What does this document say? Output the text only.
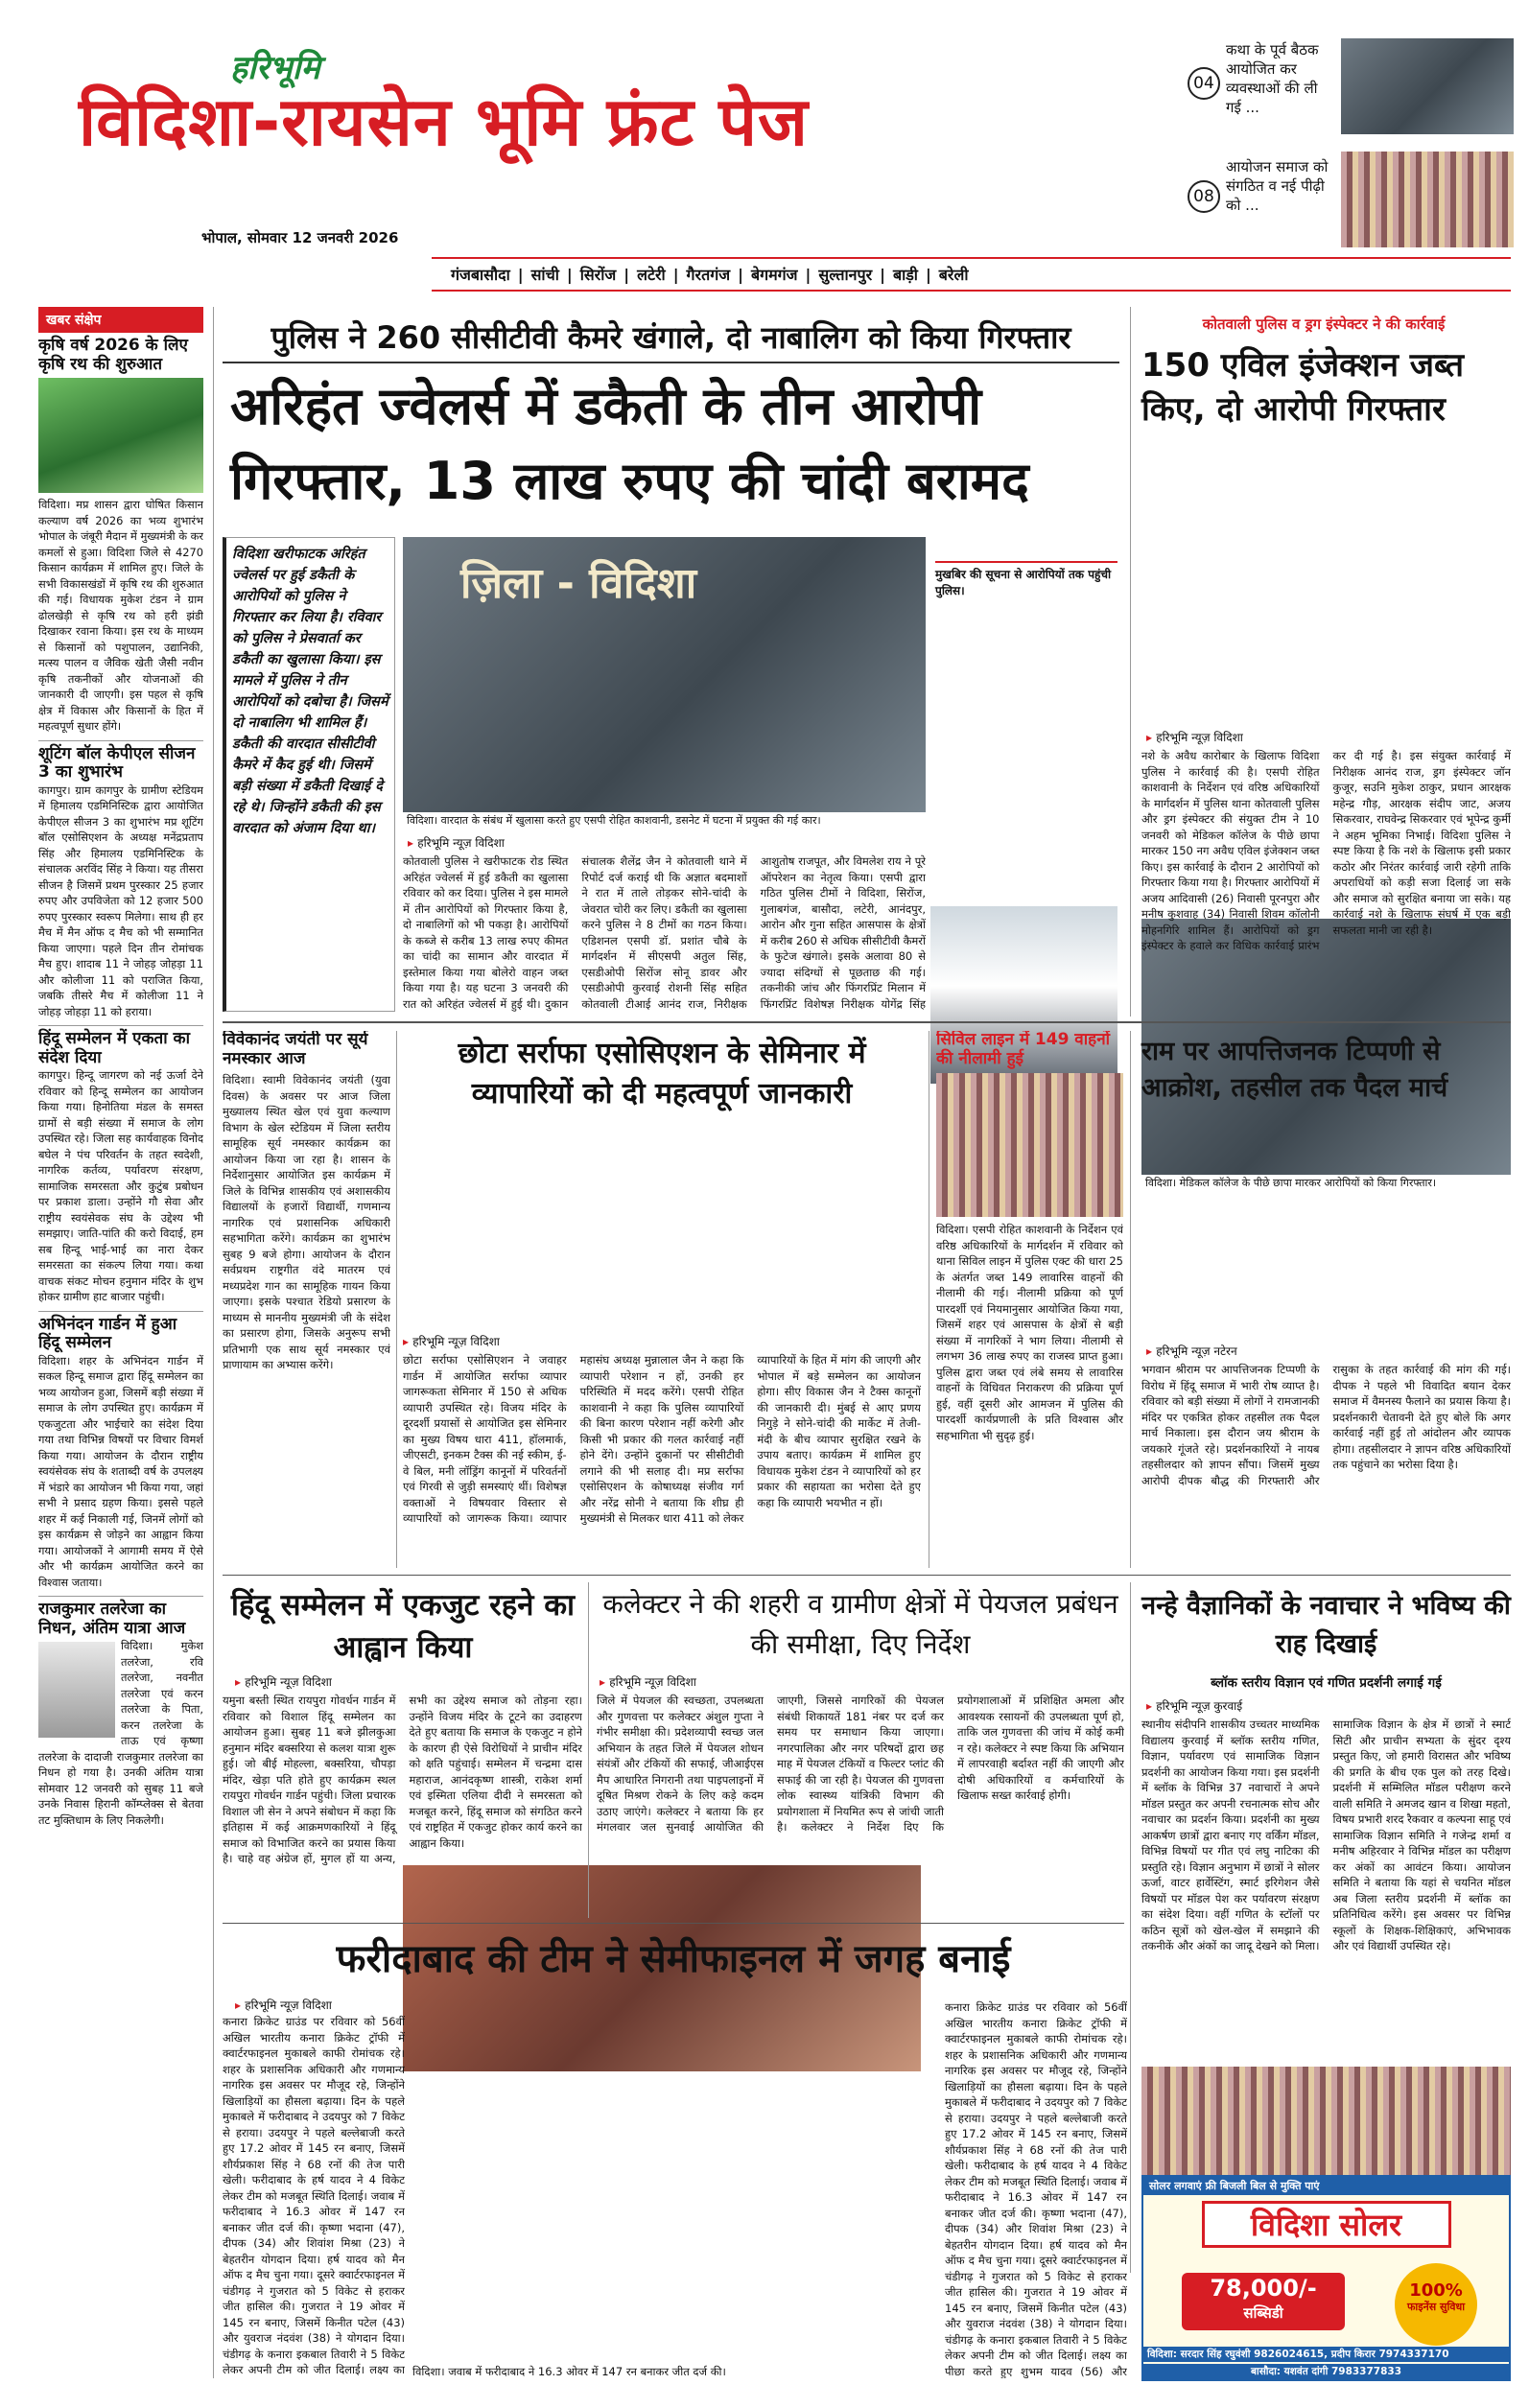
हरिभूमि
विदिशा-रायसेन भूमि फ्रंट पेज
भोपाल, सोमवार 12 जनवरी 2026
04
कथा के पूर्व बैठक आयोजित कर व्यवस्थाओं की ली गई ...
08
आयोजन समाज को संगठित व नई पीढ़ी को ...
गंजबासौदा | सांची | सिरोंज | लटेरी | गैरतगंज | बेगमगंज | सुल्तानपुर | बाड़ी | बरेली
खबर संक्षेप
कृषि वर्ष 2026 के लिए कृषि रथ की शुरुआत
विदिशा। मप्र शासन द्वारा घोषित किसान कल्याण वर्ष 2026 का भव्य शुभारंभ भोपाल के जंबूरी मैदान में मुख्यमंत्री के कर कमलों से हुआ। विदिशा जिले से 4270 किसान कार्यक्रम में शामिल हुए। जिले के सभी विकासखंडों में कृषि रथ की शुरुआत की गई। विधायक मुकेश टंडन ने ग्राम ढोलखेड़ी से कृषि रथ को हरी झंडी दिखाकर रवाना किया। इस रथ के माध्यम से किसानों को पशुपालन, उद्यानिकी, मत्स्य पालन व जैविक खेती जैसी नवीन कृषि तकनीकों और योजनाओं की जानकारी दी जाएगी। इस पहल से कृषि क्षेत्र में विकास और किसानों के हित में महत्वपूर्ण सुधार होंगे।
शूटिंग बॉल केपीएल सीजन 3 का शुभारंभ
कागपुर। ग्राम कागपुर के ग्रामीण स्टेडियम में हिमालय एडमिनिस्टिक द्वारा आयोजित केपीएल सीजन 3 का शुभारंभ मप्र शूटिंग बॉल एसोसिएशन के अध्यक्ष मनेंद्रप्रताप सिंह और हिमालय एडमिनिस्टिक के संचालक अरविंद सिंह ने किया। यह तीसरा सीजन है जिसमें प्रथम पुरस्कार 25 हजार रुपए और उपविजेता को 12 हजार 500 रुपए पुरस्कार स्वरूप मिलेगा। साथ ही हर मैच में मैन ऑफ द मैच को भी सम्मानित किया जाएगा। पहले दिन तीन रोमांचक मैच हुए। शादाब 11 ने जोहड़ जोहड़ा 11 और कोलीजा 11 को पराजित किया, जबकि तीसरे मैच में कोलीजा 11 ने जोहड़ जोहड़ा 11 को हराया।
हिंदू सम्मेलन में एकता का संदेश दिया
कागपुर। हिन्दू जागरण को नई ऊर्जा देने रविवार को हिन्दू सम्मेलन का आयोजन किया गया। हिनोतिया मंडल के समस्त ग्रामों से बड़ी संख्या में समाज के लोग उपस्थित रहे। जिला सह कार्यवाहक विनोद बघेल ने पंच परिवर्तन के तहत स्वदेशी, नागरिक कर्तव्य, पर्यावरण संरक्षण, सामाजिक समरसता और कुटुंब प्रबोधन पर प्रकाश डाला। उन्होंने गौ सेवा और राष्ट्रीय स्वयंसेवक संघ के उद्देश्य भी समझाए। जाति-पांति की करो विदाई, हम सब हिन्दू भाई-भाई का नारा देकर समरसता का संकल्प लिया गया। कथा वाचक संकट मोचन हनुमान मंदिर के शुभ होकर ग्रामीण हाट बाजार पहुंची।
अभिनंदन गार्डन में हुआ हिंदू सम्मेलन
विदिशा। शहर के अभिनंदन गार्डन में सकल हिन्दू समाज द्वारा हिंदू सम्मेलन का भव्य आयोजन हुआ, जिसमें बड़ी संख्या में समाज के लोग उपस्थित हुए। कार्यक्रम में एकजुटता और भाईचारे का संदेश दिया गया तथा विभिन्न विषयों पर विचार विमर्श किया गया। आयोजन के दौरान राष्ट्रीय स्वयंसेवक संघ के शताब्दी वर्ष के उपलक्ष्य में भंडारे का आयोजन भी किया गया, जहां सभी ने प्रसाद ग्रहण किया। इससे पहले शहर में कई निकाली गई, जिनमें लोगों को इस कार्यक्रम से जोड़ने का आह्वान किया गया। आयोजकों ने आगामी समय में ऐसे और भी कार्यक्रम आयोजित करने का विश्वास जताया।
राजकुमार तलरेजा का निधन, अंतिम यात्रा आज
विदिशा। मुकेश तलरेजा, रवि तलरेजा, नवनीत तलरेजा एवं करन तलरेजा के पिता, करन तलरेजा के ताऊ एवं कृष्णा तलरेजा के दादाजी राजकुमार तलरेजा का निधन हो गया है। उनकी अंतिम यात्रा सोमवार 12 जनवरी को सुबह 11 बजे उनके निवास हिरानी कॉम्प्लेक्स से बेतवा तट मुक्तिधाम के लिए निकलेगी।
पुलिस ने 260 सीसीटीवी कैमरे खंगाले, दो नाबालिग को किया गिरफ्तार
अरिहंत ज्वेलर्स में डकैती के तीन आरोपी गिरफ्तार, 13 लाख रुपए की चांदी बरामद
विदिशा खरीफाटक अरिहंत ज्वेलर्स पर हुई डकैती के आरोपियों को पुलिस ने गिरफ्तार कर लिया है। रविवार को पुलिस ने प्रेसवार्ता कर डकैती का खुलासा किया। इस मामले में पुलिस ने तीन आरोपियों को दबोचा है। जिसमें दो नाबालिग भी शामिल हैं। डकैती की वारदात सीसीटीवी कैमरे में कैद हुई थी। जिसमें बड़ी संख्या में डकैती दिखाई दे रहे थे। जिन्होंने डकैती की इस वारदात को अंजाम दिया था।
ज़िला - विदिशा
विदिशा। वारदात के संबंध में खुलासा करते हुए एसपी रोहित काशवानी, डसनेट में घटना में प्रयुक्त की गई कार।
मुखबिर की सूचना से आरोपियों तक पहुंची पुलिस।
▸ हरिभूमि न्यूज़ विदिशा
कोतवाली पुलिस ने खरीफाटक रोड स्थित अरिहंत ज्वेलर्स में हुई डकैती का खुलासा रविवार को कर दिया। पुलिस ने इस मामले में तीन आरोपियों को गिरफ्तार किया है, दो नाबालिगों को भी पकड़ा है। आरोपियों के कब्जे से करीब 13 लाख रुपए कीमत का चांदी का सामान और वारदात में इस्तेमाल किया गया बोलेरो वाहन जब्त किया गया है। यह घटना 3 जनवरी की रात को अरिहंत ज्वेलर्स में हुई थी। दुकान संचालक शैलेंद्र जैन ने कोतवाली थाने में रिपोर्ट दर्ज कराई थी कि अज्ञात बदमाशों ने रात में ताले तोड़कर सोने-चांदी के जेवरात चोरी कर लिए। डकैती का खुलासा करने पुलिस ने 8 टीमों का गठन किया। एडिशनल एसपी डॉ. प्रशांत चौबे के मार्गदर्शन में सीएसपी अतुल सिंह, एसडीओपी सिरोंज सोनू डावर और एसडीओपी कुरवाई रोशनी सिंह सहित कोतवाली टीआई आनंद राज, निरीक्षक आशुतोष राजपूत, और विमलेश राय ने पूरे ऑपरेशन का नेतृत्व किया। एसपी द्वारा गठित पुलिस टीमों ने विदिशा, सिरोंज, गुलाबगंज, बासौदा, लटेरी, आनंदपुर, आरोन और गुना सहित आसपास के क्षेत्रों में करीब 260 से अधिक सीसीटीवी कैमरों के फुटेज खंगाले। इसके अलावा 80 से ज्यादा संदिग्धों से पूछताछ की गई। तकनीकी जांच और फिंगरप्रिंट मिलान में फिंगरप्रिंट विशेषज्ञ निरीक्षक योगेंद्र सिंह
कोतवाली पुलिस व ड्रग इंस्पेक्टर ने की कार्रवाई
150 एविल इंजेक्शन जब्त किए, दो आरोपी गिरफ्तार
विदिशा। मेडिकल कॉलेज के पीछे छापा मारकर आरोपियों को किया गिरफ्तार।
▸ हरिभूमि न्यूज़ विदिशा
नशे के अवैध कारोबार के खिलाफ विदिशा पुलिस ने कार्रवाई की है। एसपी रोहित काशवानी के निर्देशन एवं वरिष्ठ अधिकारियों के मार्गदर्शन में पुलिस थाना कोतवाली पुलिस और ड्रग इंस्पेक्टर की संयुक्त टीम ने 10 जनवरी को मेडिकल कॉलेज के पीछे छापा मारकर 150 नग अवैध एविल इंजेक्शन जब्त किए। इस कार्रवाई के दौरान 2 आरोपियों को गिरफ्तार किया गया है। गिरफ्तार आरोपियों में अजय आदिवासी (26) निवासी पूरनपुरा और मनीष कुशवाह (34) निवासी शिवम कॉलोनी मोहनगिरि शामिल हैं। आरोपियों को ड्रग इंस्पेक्टर के हवाले कर विधिक कार्रवाई प्रारंभ कर दी गई है। इस संयुक्त कार्रवाई में निरीक्षक आनंद राज, ड्रग इंस्पेक्टर जॉन कुजूर, सउनि मुकेश ठाकुर, प्रधान आरक्षक महेन्द्र गौड़, आरक्षक संदीप जाट, अजय सिकरवार, राघवेन्द्र सिकरवार एवं भूपेन्द्र कुर्मी ने अहम भूमिका निभाई। विदिशा पुलिस ने स्पष्ट किया है कि नशे के खिलाफ इसी प्रकार कठोर और निरंतर कार्रवाई जारी रहेगी ताकि अपराधियों को कड़ी सजा दिलाई जा सके और समाज को सुरक्षित बनाया जा सके। यह कार्रवाई नशे के खिलाफ संघर्ष में एक बड़ी सफलता मानी जा रही है।
विवेकानंद जयंती पर सूर्य नमस्कार आज
विदिशा। स्वामी विवेकानंद जयंती (युवा दिवस) के अवसर पर आज जिला मुख्यालय स्थित खेल एवं युवा कल्याण विभाग के खेल स्टेडियम में जिला स्तरीय सामूहिक सूर्य नमस्कार कार्यक्रम का आयोजन किया जा रहा है। शासन के निर्देशानुसार आयोजित इस कार्यक्रम में जिले के विभिन्न शासकीय एवं अशासकीय विद्यालयों के हजारों विद्यार्थी, गणमान्य नागरिक एवं प्रशासनिक अधिकारी सहभागिता करेंगे। कार्यक्रम का शुभारंभ सुबह 9 बजे होगा। आयोजन के दौरान सर्वप्रथम राष्ट्रगीत वंदे मातरम एवं मध्यप्रदेश गान का सामूहिक गायन किया जाएगा। इसके पश्चात रेडियो प्रसारण के माध्यम से माननीय मुख्यमंत्री जी के संदेश का प्रसारण होगा, जिसके अनुरूप सभी प्रतिभागी एक साथ सूर्य नमस्कार एवं प्राणायाम का अभ्यास करेंगे।
छोटा सर्राफा एसोसिएशन के सेमिनार में व्यापारियों को दी महत्वपूर्ण जानकारी
▸ हरिभूमि न्यूज़ विदिशा
छोटा सर्राफा एसोसिएशन ने जवाहर गार्डन में आयोजित सर्राफा व्यापार जागरूकता सेमिनार में 150 से अधिक व्यापारी उपस्थित रहे। विजय मंदिर के दूरदर्शी प्रयासों से आयोजित इस सेमिनार का मुख्य विषय धारा 411, हॉलमार्क, जीएसटी, इनकम टैक्स की नई स्कीम, ई-वे बिल, मनी लॉड्रिंग कानूनों में परिवर्तनों एवं गिरवी से जुड़ी समस्याएं थीं। विशेषज्ञ वक्ताओं ने विषयवार विस्तार से व्यापारियों को जागरूक किया। व्यापार महासंघ अध्यक्ष मुन्नालाल जैन ने कहा कि व्यापारी परेशान न हों, उनकी हर परिस्थिति में मदद करेंगे। एसपी रोहित काशवानी ने कहा कि पुलिस व्यापारियों की बिना कारण परेशान नहीं करेगी और किसी भी प्रकार की गलत कार्रवाई नहीं होने देंगे। उन्होंने दुकानों पर सीसीटीवी लगाने की भी सलाह दी। मप्र सर्राफा एसोसिएशन के कोषाध्यक्ष संजीव गर्ग और नरेंद्र सोनी ने बताया कि शीघ्र ही मुख्यमंत्री से मिलकर धारा 411 को लेकर व्यापारियों के हित में मांग की जाएगी और भोपाल में बड़े सम्मेलन का आयोजन होगा। सीए विकास जैन ने टैक्स कानूनों की जानकारी दी। मुंबई से आए प्रणय निगुड़े ने सोने-चांदी की मार्केट में तेजी-मंदी के बीच व्यापार सुरक्षित रखने के उपाय बताए। कार्यक्रम में शामिल हुए विधायक मुकेश टंडन ने व्यापारियों को हर प्रकार की सहायता का भरोसा देते हुए कहा कि व्यापारी भयभीत न हों।
सिविल लाइन में 149 वाहनों की नीलामी हुई
विदिशा। एसपी रोहित काशवानी के निर्देशन एवं वरिष्ठ अधिकारियों के मार्गदर्शन में रविवार को थाना सिविल लाइन में पुलिस एक्ट की धारा 25 के अंतर्गत जब्त 149 लावारिस वाहनों की नीलामी की गई। नीलामी प्रक्रिया को पूर्ण पारदर्शी एवं नियमानुसार आयोजित किया गया, जिसमें शहर एवं आसपास के क्षेत्रों से बड़ी संख्या में नागरिकों ने भाग लिया। नीलामी से लगभग 36 लाख रुपए का राजस्व प्राप्त हुआ। पुलिस द्वारा जब्त एवं लंबे समय से लावारिस वाहनों के विधिवत निराकरण की प्रक्रिया पूर्ण हुई, वहीं दूसरी ओर आमजन में पुलिस की पारदर्शी कार्यप्रणाली के प्रति विश्वास और सहभागिता भी सुदृढ़ हुई।
राम पर आपत्तिजनक टिप्पणी से आक्रोश, तहसील तक पैदल मार्च
▸ हरिभूमि न्यूज़ नटेरन
भगवान श्रीराम पर आपत्तिजनक टिप्पणी के विरोध में हिंदू समाज में भारी रोष व्याप्त है। रविवार को बड़ी संख्या में लोगों ने रामजानकी मंदिर पर एकत्रित होकर तहसील तक पैदल मार्च निकाला। इस दौरान जय श्रीराम के जयकारे गूंजते रहे। प्रदर्शनकारियों ने नायब तहसीलदार को ज्ञापन सौंपा। जिसमें मुख्य आरोपी दीपक बौद्ध की गिरफ्तारी और रासुका के तहत कार्रवाई की मांग की गई। दीपक ने पहले भी विवादित बयान देकर समाज में वैमनस्य फैलाने का प्रयास किया है। प्रदर्शनकारी चेतावनी देते हुए बोले कि अगर कार्रवाई नहीं हुई तो आंदोलन और व्यापक होगा। तहसीलदार ने ज्ञापन वरिष्ठ अधिकारियों तक पहुंचाने का भरोसा दिया है।
हिंदू सम्मेलन में एकजुट रहने का आह्वान किया
▸ हरिभूमि न्यूज़ विदिशा
यमुना बस्ती स्थित रायपुरा गोवर्धन गार्डन में रविवार को विशाल हिंदू सम्मेलन का आयोजन हुआ। सुबह 11 बजे झीलकुआ हनुमान मंदिर बक्सरिया से कलश यात्रा शुरू हुई। जो बीई मोहल्ला, बक्सरिया, चौपड़ा मंदिर, खेड़ा पति होते हुए कार्यक्रम स्थल रायपुरा गोवर्धन गार्डन पहुंची। जिला प्रचारक विशाल जी सेन ने अपने संबोधन में कहा कि इतिहास में कई आक्रमणकारियों ने हिंदू समाज को विभाजित करने का प्रयास किया है। चाहे वह अंग्रेज हों, मुगल हों या अन्य, सभी का उद्देश्य समाज को तोड़ना रहा। उन्होंने विजय मंदिर के टूटने का उदाहरण देते हुए बताया कि समाज के एकजुट न होने के कारण ही ऐसे विरोधियों ने प्राचीन मंदिर को क्षति पहुंचाई। सम्मेलन में चन्द्रमा दास महाराज, आनंदकृष्ण शास्त्री, राकेश शर्मा एवं इस्मिता एलिया दीदी ने समरसता को मजबूत करने, हिंदू समाज को संगठित करने एवं राष्ट्रहित में एकजुट होकर कार्य करने का आह्वान किया।
कलेक्टर ने की शहरी व ग्रामीण क्षेत्रों में पेयजल प्रबंधन की समीक्षा, दिए निर्देश
▸ हरिभूमि न्यूज़ विदिशा
जिले में पेयजल की स्वच्छता, उपलब्धता और गुणवत्ता पर कलेक्टर अंशुल गुप्ता ने गंभीर समीक्षा की। प्रदेशव्यापी स्वच्छ जल अभियान के तहत जिले में पेयजल शोधन संयंत्रों और टंकियों की सफाई, जीआईएस मैप आधारित निगरानी तथा पाइपलाइनों में दूषित मिश्रण रोकने के लिए कड़े कदम उठाए जाएंगे। कलेक्टर ने बताया कि हर मंगलवार जल सुनवाई आयोजित की जाएगी, जिससे नागरिकों की पेयजल संबंधी शिकायतें 181 नंबर पर दर्ज कर समय पर समाधान किया जाएगा। नगरपालिका और नगर परिषदों द्वारा छह माह में पेयजल टंकियों व फिल्टर प्लांट की सफाई की जा रही है। पेयजल की गुणवत्ता लोक स्वास्थ्य यांत्रिकी विभाग की प्रयोगशाला में नियमित रूप से जांची जाती है। कलेक्टर ने निर्देश दिए कि प्रयोगशालाओं में प्रशिक्षित अमला और आवश्यक रसायनों की उपलब्धता पूर्ण हो, ताकि जल गुणवत्ता की जांच में कोई कमी न रहे। कलेक्टर ने स्पष्ट किया कि अभियान में लापरवाही बर्दाश्त नहीं की जाएगी और दोषी अधिकारियों व कर्मचारियों के खिलाफ सख्त कार्रवाई होगी।
नन्हे वैज्ञानिकों के नवाचार ने भविष्य की राह दिखाई
ब्लॉक स्तरीय विज्ञान एवं गणित प्रदर्शनी लगाई गई
▸ हरिभूमि न्यूज़ कुरवाई
स्थानीय संदीपनि शासकीय उच्चतर माध्यमिक विद्यालय कुरवाई में ब्लॉक स्तरीय गणित, विज्ञान, पर्यावरण एवं सामाजिक विज्ञान प्रदर्शनी का आयोजन किया गया। इस प्रदर्शनी में ब्लॉक के विभिन्न 37 नवाचारों ने अपने मॉडल प्रस्तुत कर अपनी रचनात्मक सोच और नवाचार का प्रदर्शन किया। प्रदर्शनी का मुख्य आकर्षण छात्रों द्वारा बनाए गए वर्किंग मॉडल, विभिन्न विषयों पर गीत एवं लघु नाटिका की प्रस्तुति रहे। विज्ञान अनुभाग में छात्रों ने सोलर ऊर्जा, वाटर हार्वेस्टिंग, स्मार्ट इरिगेशन जैसे विषयों पर मॉडल पेश कर पर्यावरण संरक्षण का संदेश दिया। वहीं गणित के स्टॉलों पर कठिन सूत्रों को खेल-खेल में समझाने की तकनीकें और अंकों का जादू देखने को मिला। सामाजिक विज्ञान के क्षेत्र में छात्रों ने स्मार्ट सिटी और प्राचीन सभ्यता के सुंदर दृश्य प्रस्तुत किए, जो हमारी विरासत और भविष्य की प्रगति के बीच एक पुल को तरह दिखे। प्रदर्शनी में सम्मिलित मॉडल परीक्षण करने वाली समिति ने अमजद खान व शिखा महतो, विषय प्रभारी शरद रैकवार व कल्पना साहू एवं सामाजिक विज्ञान समिति ने गजेन्द्र शर्मा व मनीष अहिरवार ने विभिन्न मॉडल का परीक्षण कर अंकों का आवंटन किया। आयोजन समिति ने बताया कि यहां से चयनित मॉडल अब जिला स्तरीय प्रदर्शनी में ब्लॉक का प्रतिनिधित्व करेंगे। इस अवसर पर विभिन्न स्कूलों के शिक्षक-शिक्षिकाएं, अभिभावक और एवं विद्यार्थी उपस्थित रहे।
फरीदाबाद की टीम ने सेमीफाइनल में जगह बनाई
▸ हरिभूमि न्यूज़ विदिशा
कनारा क्रिकेट ग्राउंड पर रविवार को 56वीं अखिल भारतीय कनारा क्रिकेट ट्रॉफी में क्वार्टरफाइनल मुकाबले काफी रोमांचक रहे। शहर के प्रशासनिक अधिकारी और गणमान्य नागरिक इस अवसर पर मौजूद रहे, जिन्होंने खिलाड़ियों का हौसला बढ़ाया। दिन के पहले मुकाबले में फरीदाबाद ने उदयपुर को 7 विकेट से हराया। उदयपुर ने पहले बल्लेबाजी करते हुए 17.2 ओवर में 145 रन बनाए, जिसमें शौर्यप्रकाश सिंह ने 68 रनों की तेज पारी खेली। फरीदाबाद के हर्ष यादव ने 4 विकेट लेकर टीम को मजबूत स्थिति दिलाई। जवाब में फरीदाबाद ने 16.3 ओवर में 147 रन बनाकर जीत दर्ज की। कृष्णा भदाना (47), दीपक (34) और शिवांश मिश्रा (23) ने बेहतरीन योगदान दिया। हर्ष यादव को मैन ऑफ द मैच चुना गया। दूसरे क्वार्टरफाइनल में चंडीगढ़ ने गुजरात को 5 विकेट से हराकर जीत हासिल की। गुजरात ने 19 ओवर में 145 रन बनाए, जिसमें किनीत पटेल (43) और युवराज नंदवंश (38) ने योगदान दिया। चंडीगढ़ के कनारा इकबाल तिवारी ने 5 विकेट लेकर अपनी टीम को जीत दिलाई। लक्ष्य का विदिशा। जवाब में फरीदाबाद ने 16.3 ओवर में 147 रन बनाकर जीत दर्ज की।
कनारा क्रिकेट ग्राउंड पर रविवार को 56वीं अखिल भारतीय कनारा क्रिकेट ट्रॉफी में क्वार्टरफाइनल मुकाबले काफी रोमांचक रहे। शहर के प्रशासनिक अधिकारी और गणमान्य नागरिक इस अवसर पर मौजूद रहे, जिन्होंने खिलाड़ियों का हौसला बढ़ाया। दिन के पहले मुकाबले में फरीदाबाद ने उदयपुर को 7 विकेट से हराया। उदयपुर ने पहले बल्लेबाजी करते हुए 17.2 ओवर में 145 रन बनाए, जिसमें शौर्यप्रकाश सिंह ने 68 रनों की तेज पारी खेली। फरीदाबाद के हर्ष यादव ने 4 विकेट लेकर टीम को मजबूत स्थिति दिलाई। जवाब में फरीदाबाद ने 16.3 ओवर में 147 रन बनाकर जीत दर्ज की। कृष्णा भदाना (47), दीपक (34) और शिवांश मिश्रा (23) ने बेहतरीन योगदान दिया। हर्ष यादव को मैन ऑफ द मैच चुना गया। दूसरे क्वार्टरफाइनल में चंडीगढ़ ने गुजरात को 5 विकेट से हराकर जीत हासिल की। गुजरात ने 19 ओवर में 145 रन बनाए, जिसमें किनीत पटेल (43) और युवराज नंदवंश (38) ने योगदान दिया। चंडीगढ़ के कनारा इकबाल तिवारी ने 5 विकेट लेकर अपनी टीम को जीत दिलाई। लक्ष्य का पीछा करते हुए शुभम यादव (56) और
सोलर लगवाएं फ्री बिजली बिल से मुक्ति पाएं
विदिशा सोलर
78,000/-
सब्सिडी
100%
फाइनेंस सुविधा
विदिशा: सरदार सिंह रघुवंशी 9826024615, प्रदीप किरार 7974337170
बासौदा: यशवंत दांगी 7983377833
